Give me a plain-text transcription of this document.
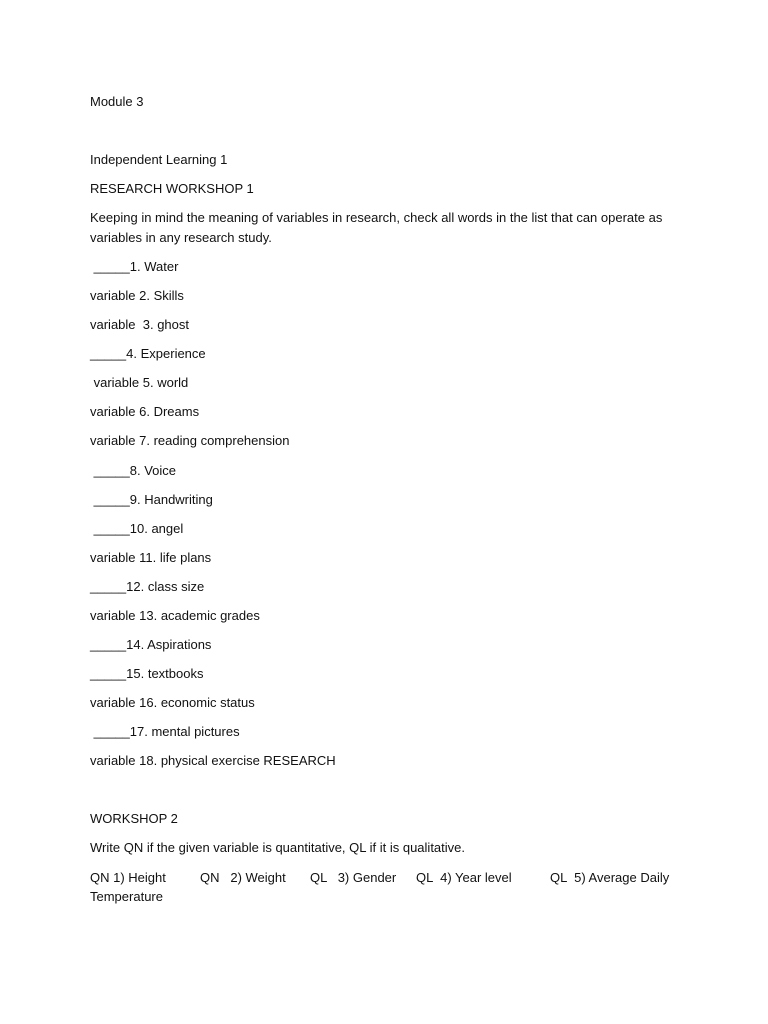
Module 3

Independent Learning 1

RESEARCH WORKSHOP 1

Keeping in mind the meaning of variables in research, check all words in the list that can operate as variables in any research study.

_____1. Water

variable 2. Skills

variable  3. ghost

_____4. Experience

variable 5. world

variable 6. Dreams

variable 7. reading comprehension

_____8. Voice

_____9. Handwriting

_____10. angel

variable 11. life plans

_____12. class size

variable 13. academic grades

_____14. Aspirations

_____15. textbooks

variable 16. economic status

_____17. mental pictures

variable 18. physical exercise RESEARCH

WORKSHOP 2

Write QN if the given variable is quantitative, QL if it is qualitative.

QN 1) Height	QN   2) Weight QL   3) Gender QL  4) Year level	QL  5) Average Daily
Temperature
